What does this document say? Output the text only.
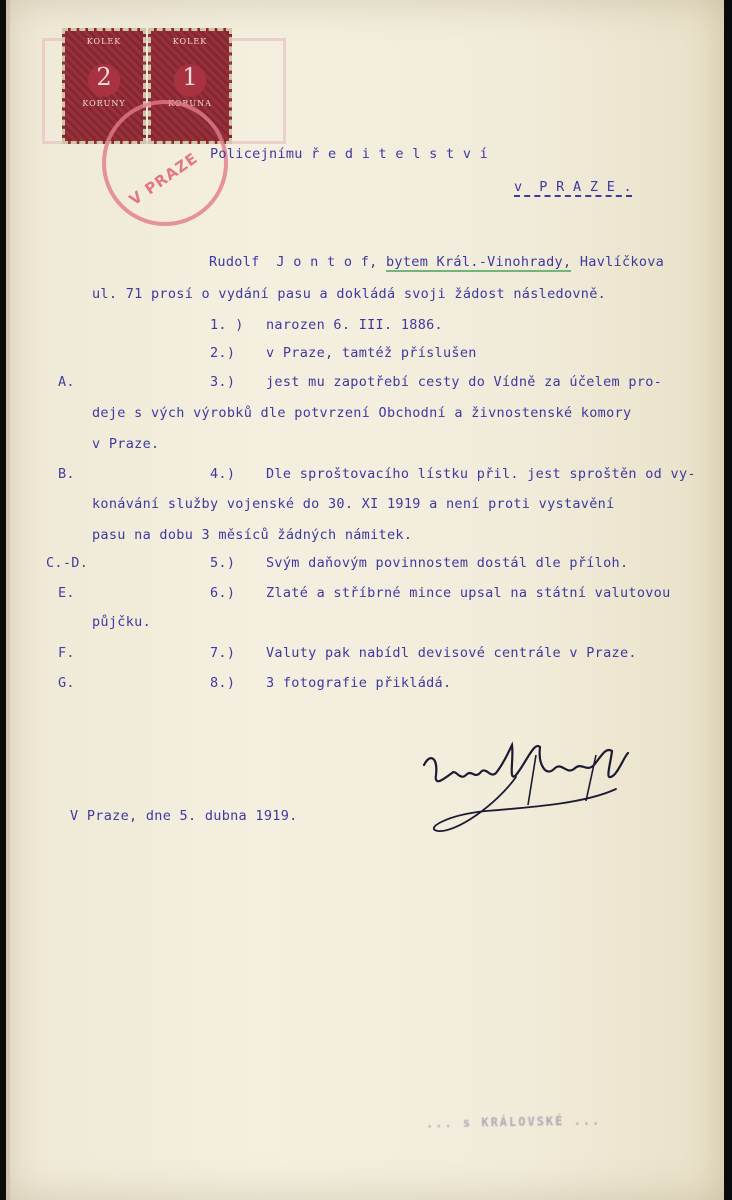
KOLEK
2
KORUNY
KOLEK
1
KORUNA
V PRAZE Policejnímu ř e d i t e l s t v í
v  P R A Z E .
Rudolf  J o n t o f, bytem Král.-Vinohrady, Havlíčkova
ul. 71 prosí o vydání pasu a dokládá svoji žádost následovně.
1. ) narozen 6. III. 1886.
2.) v Praze, tamtéž příslušen
A.	3.) jest mu zapotřebí cesty do Vídně za účelem pro-
deje s vých výrobků dle potvrzení Obchodní a živnostenské komory
v Praze.
B.	4.) Dle sproštovacího lístku přil. jest sproštěn od vy-
konávání služby vojenské do 30. XI 1919 a není proti vystavění
pasu na dobu 3 měsíců žádných námitek.
C.-D.	5.) Svým daňovým povinnostem dostál dle příloh.
E.	6.) Zlaté a stříbrné mince upsal na státní valutovou
půjčku.
F.	7.) Valuty pak nabídl devisové centrále v Praze.
G.	8.) 3 fotografie přikládá.
V Praze, dne 5. dubna 1919.
... s KRÁLOVSKÉ ...
